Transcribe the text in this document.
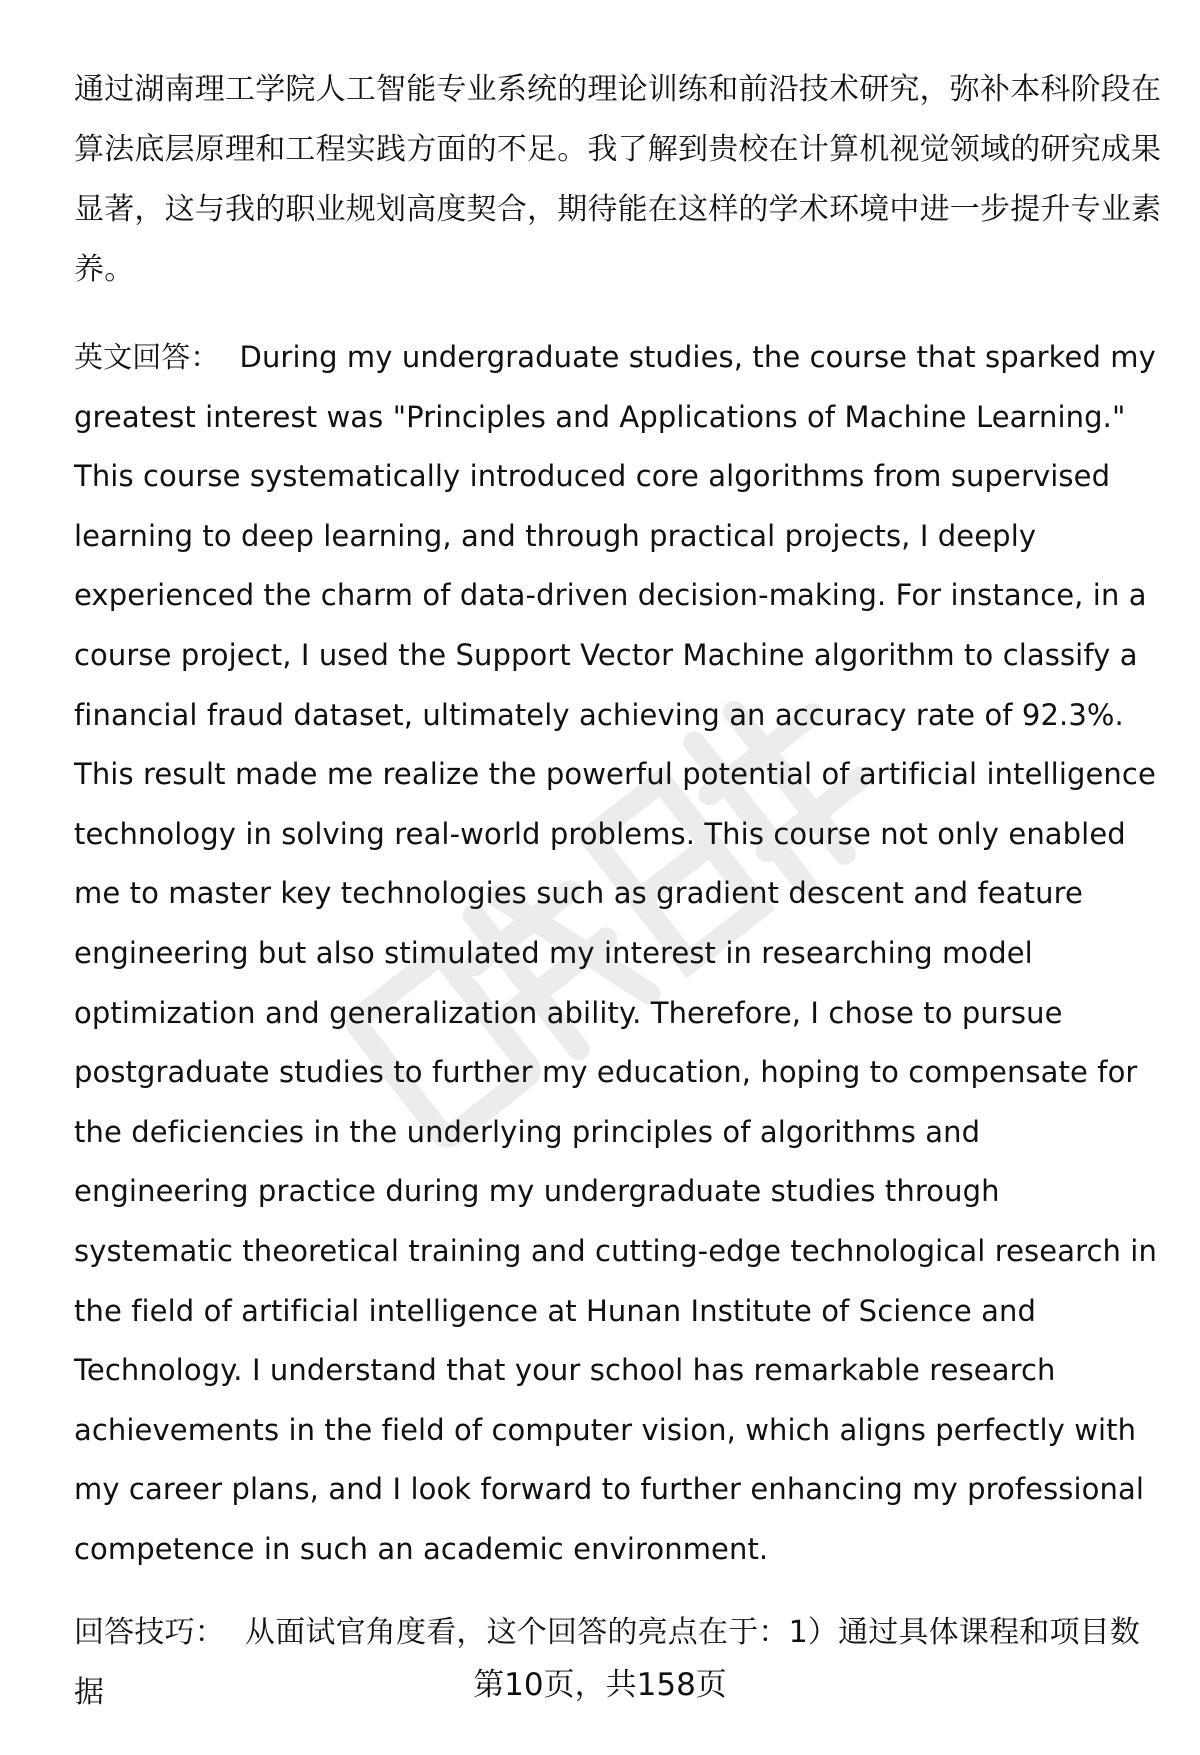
通过湖南理工学院人工智能专业系统的理论训练和前沿技术研究，弥补本科阶段在算法底层原理和工程实践方面的不足。我了解到贵校在计算机视觉领域的研究成果显著，这与我的职业规划高度契合，期待能在这样的学术环境中进一步提升专业素养。

英文回答： During my undergraduate studies, the course that sparked my greatest interest was "Principles and Applications of Machine Learning." This course systematically introduced core algorithms from supervised learning to deep learning, and through practical projects, I deeply experienced the charm of data-driven decision-making. For instance, in a course project, I used the Support Vector Machine algorithm to classify a financial fraud dataset, ultimately achieving an accuracy rate of 92.3%. This result made me realize the powerful potential of artificial intelligence technology in solving real-world problems. This course not only enabled me to master key technologies such as gradient descent and feature engineering but also stimulated my interest in researching model optimization and generalization ability. Therefore, I chose to pursue postgraduate studies to further my education, hoping to compensate for the deficiencies in the underlying principles of algorithms and engineering practice during my undergraduate studies through systematic theoretical training and cutting-edge technological research in the field of artificial intelligence at Hunan Institute of Science and Technology. I understand that your school has remarkable research achievements in the field of computer vision, which aligns perfectly with my career plans, and I look forward to further enhancing my professional competence in such an academic environment.

回答技巧： 从面试官角度看，这个回答的亮点在于：1）通过具体课程和项目数据	第10页，共158页
